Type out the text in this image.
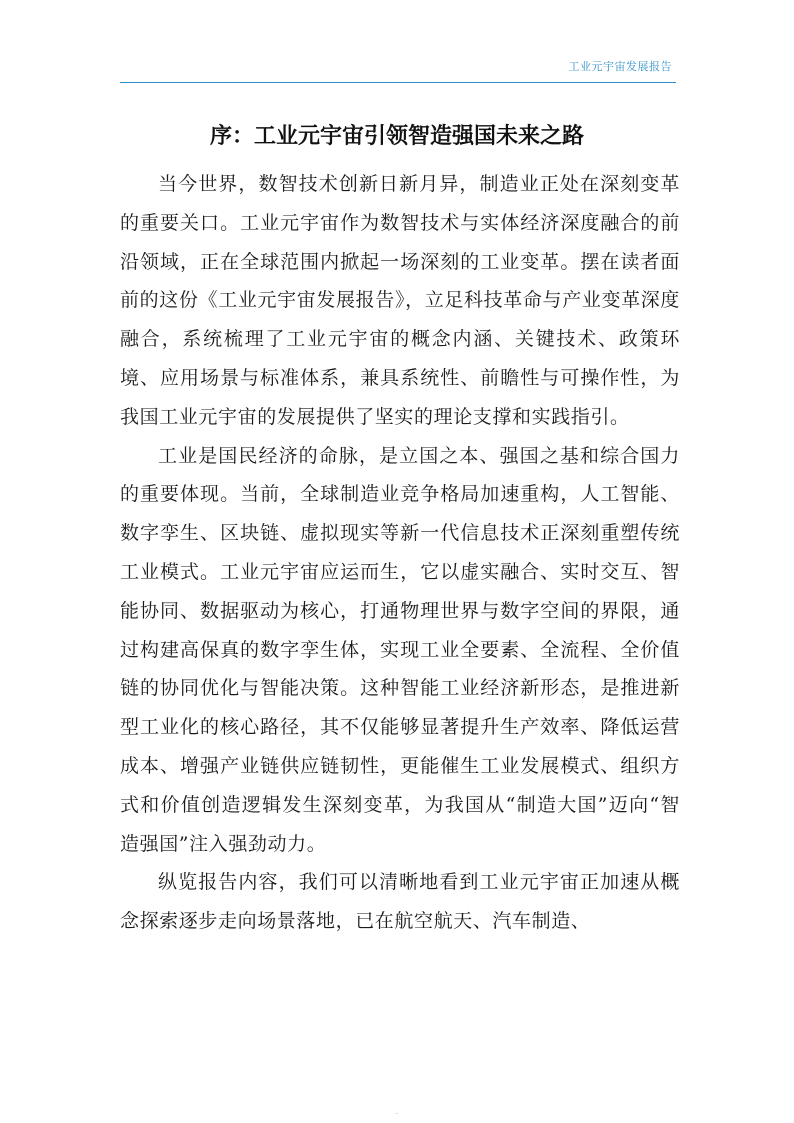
工业元宇宙发展报告
序：工业元宇宙引领智造强国未来之路

当今世界，数智技术创新日新月异，制造业正处在深刻变革的重要关口。工业元宇宙作为数智技术与实体经济深度融合的前沿领域，正在全球范围内掀起一场深刻的工业变革。摆在读者面前的这份《工业元宇宙发展报告》，立足科技革命与产业变革深度融合，系统梳理了工业元宇宙的概念内涵、关键技术、政策环境、应用场景与标准体系，兼具系统性、前瞻性与可操作性，为我国工业元宇宙的发展提供了坚实的理论支撑和实践指引。

工业是国民经济的命脉，是立国之本、强国之基和综合国力的重要体现。当前，全球制造业竞争格局加速重构，人工智能、数字孪生、区块链、虚拟现实等新一代信息技术正深刻重塑传统工业模式。工业元宇宙应运而生，它以虚实融合、实时交互、智能协同、数据驱动为核心，打通物理世界与数字空间的界限，通过构建高保真的数字孪生体，实现工业全要素、全流程、全价值链的协同优化与智能决策。这种智能工业经济新形态，是推进新型工业化的核心路径，其不仅能够显著提升生产效率、降低运营成本、增强产业链供应链韧性，更能催生工业发展模式、组织方式和价值创造逻辑发生深刻变革，为我国从“制造大国”迈向“智造强国”注入强劲动力。

纵览报告内容，我们可以清晰地看到工业元宇宙正加速从概念探索逐步走向场景落地，已在航空航天、汽车制造、

-
